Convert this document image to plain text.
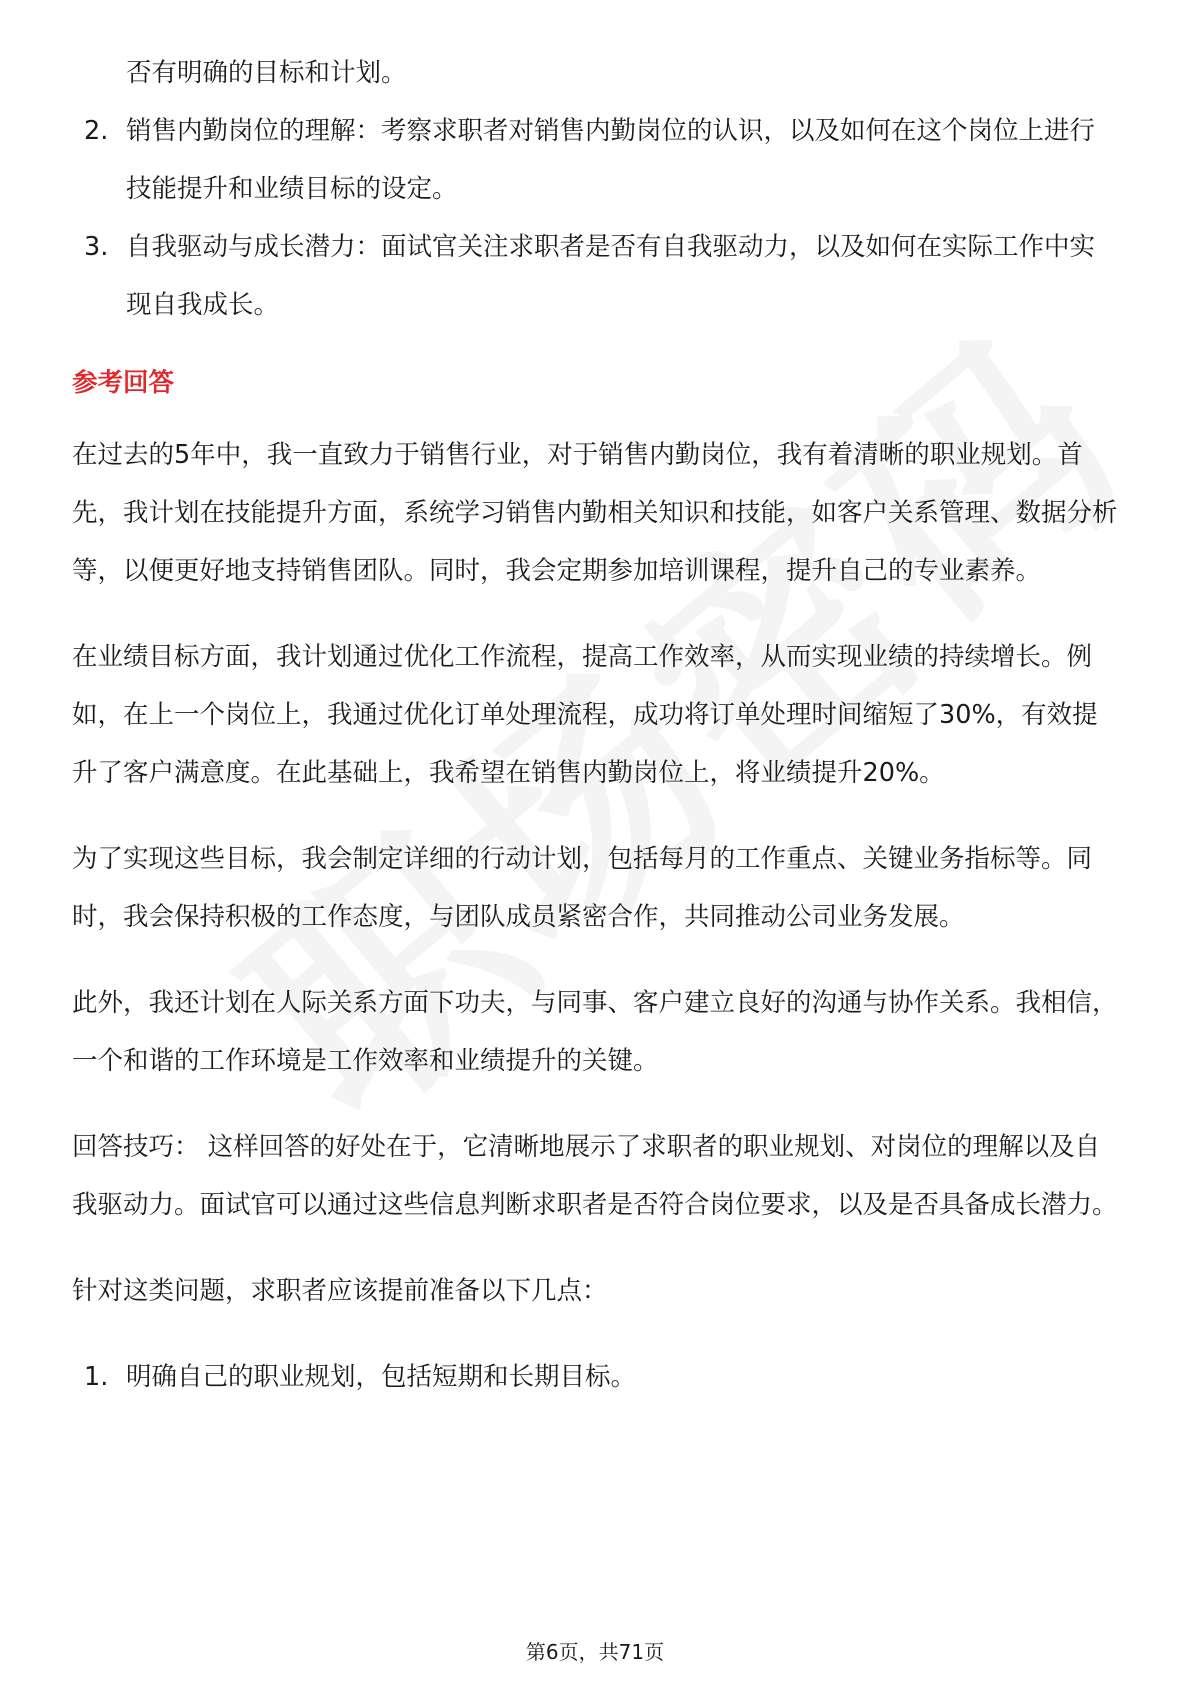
否有明确的目标和计划。
2. 销售内勤岗位的理解：考察求职者对销售内勤岗位的认识，以及如何在这个岗位上进行技能提升和业绩目标的设定。
3. 自我驱动与成长潜力：面试官关注求职者是否有自我驱动力，以及如何在实际工作中实现自我成长。
参考回答
在过去的5年中，我一直致力于销售行业，对于销售内勤岗位，我有着清晰的职业规划。首先，我计划在技能提升方面，系统学习销售内勤相关知识和技能，如客户关系管理、数据分析等，以便更好地支持销售团队。同时，我会定期参加培训课程，提升自己的专业素养。
在业绩目标方面，我计划通过优化工作流程，提高工作效率，从而实现业绩的持续增长。例如，在上一个岗位上，我通过优化订单处理流程，成功将订单处理时间缩短了30%，有效提升了客户满意度。在此基础上，我希望在销售内勤岗位上，将业绩提升20%。
为了实现这些目标，我会制定详细的行动计划，包括每月的工作重点、关键业务指标等。同时，我会保持积极的工作态度，与团队成员紧密合作，共同推动公司业务发展。
此外，我还计划在人际关系方面下功夫，与同事、客户建立良好的沟通与协作关系。我相信，一个和谐的工作环境是工作效率和业绩提升的关键。
回答技巧： 这样回答的好处在于，它清晰地展示了求职者的职业规划、对岗位的理解以及自我驱动力。面试官可以通过这些信息判断求职者是否符合岗位要求，以及是否具备成长潜力。
针对这类问题，求职者应该提前准备以下几点：
1. 明确自己的职业规划，包括短期和长期目标。
第6页，共71页
